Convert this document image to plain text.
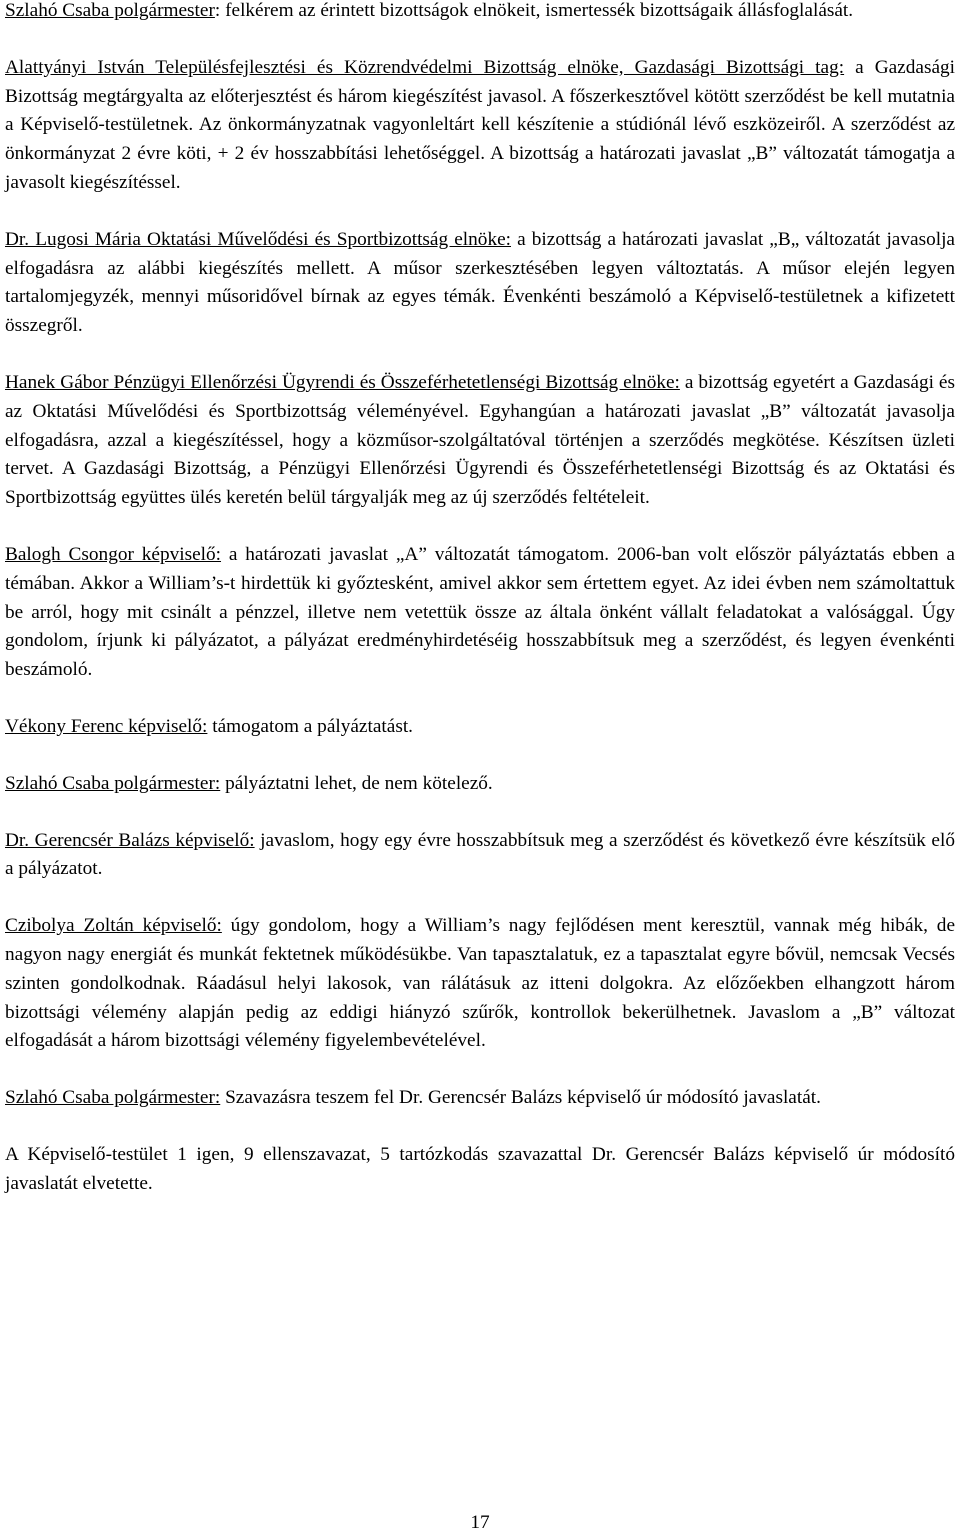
Szlahó Csaba polgármester: felkérem az érintett bizottságok elnökeit, ismertessék bizottságaik állásfoglalását.

Alattyányi István Településfejlesztési és Közrendvédelmi Bizottság elnöke, Gazdasági Bizottsági tag: a Gazdasági Bizottság megtárgyalta az előterjesztést és három kiegészítést javasol. A főszerkesztővel kötött szerződést be kell mutatnia a Képviselő-testületnek. Az önkormányzatnak vagyonleltárt kell készítenie a stúdiónál lévő eszközeiről. A szerződést az önkormányzat 2 évre köti, + 2 év hosszabbítási lehetőséggel. A bizottság a határozati javaslat „B” változatát támogatja a javasolt kiegészítéssel.

Dr. Lugosi Mária Oktatási Művelődési és Sportbizottság elnöke: a bizottság a határozati javaslat „B„ változatát javasolja elfogadásra az alábbi kiegészítés mellett. A műsor szerkesztésében legyen változtatás. A műsor elején legyen tartalomjegyzék, mennyi műsoridővel bírnak az egyes témák. Évenkénti beszámoló a Képviselő-testületnek a kifizetett összegről.

Hanek Gábor Pénzügyi Ellenőrzési Ügyrendi és Összeférhetetlenségi Bizottság elnöke: a bizottság egyetért a Gazdasági és az Oktatási Művelődési és Sportbizottság véleményével. Egyhangúan a határozati javaslat „B” változatát javasolja elfogadásra, azzal a kiegészítéssel, hogy a közműsor-szolgáltatóval történjen a szerződés megkötése. Készítsen üzleti tervet. A Gazdasági Bizottság, a Pénzügyi Ellenőrzési Ügyrendi és Összeférhetetlenségi Bizottság és az Oktatási és Sportbizottság együttes ülés keretén belül tárgyalják meg az új szerződés feltételeit.

Balogh Csongor képviselő: a határozati javaslat „A” változatát támogatom. 2006-ban volt először pályáztatás ebben a témában. Akkor a William’s-t hirdettük ki győztesként, amivel akkor sem értettem egyet. Az idei évben nem számoltattuk be arról, hogy mit csinált a pénzzel, illetve nem vetettük össze az általa önként vállalt feladatokat a valósággal. Úgy gondolom, írjunk ki pályázatot, a pályázat eredményhirdetéséig hosszabbítsuk meg a szerződést, és legyen évenkénti beszámoló.

Vékony Ferenc képviselő: támogatom a pályáztatást.

Szlahó Csaba polgármester: pályáztatni lehet, de nem kötelező.

Dr. Gerencsér Balázs képviselő: javaslom, hogy egy évre hosszabbítsuk meg a szerződést és következő évre készítsük elő a pályázatot.

Czibolya Zoltán képviselő: úgy gondolom, hogy a William’s nagy fejlődésen ment keresztül, vannak még hibák, de nagyon nagy energiát és munkát fektetnek működésükbe. Van tapasztalatuk, ez a tapasztalat egyre bővül, nemcsak Vecsés szinten gondolkodnak. Ráadásul helyi lakosok, van rálátásuk az itteni dolgokra. Az előzőekben elhangzott három bizottsági vélemény alapján pedig az eddigi hiányzó szűrők, kontrollok bekerülhetnek. Javaslom a „B” változat elfogadását a három bizottsági vélemény figyelembevételével.

Szlahó Csaba polgármester: Szavazásra teszem fel Dr. Gerencsér Balázs képviselő úr módosító javaslatát.

A Képviselő-testület 1 igen, 9 ellenszavazat, 5 tartózkodás szavazattal Dr. Gerencsér Balázs képviselő úr módosító javaslatát elvetette.

17
